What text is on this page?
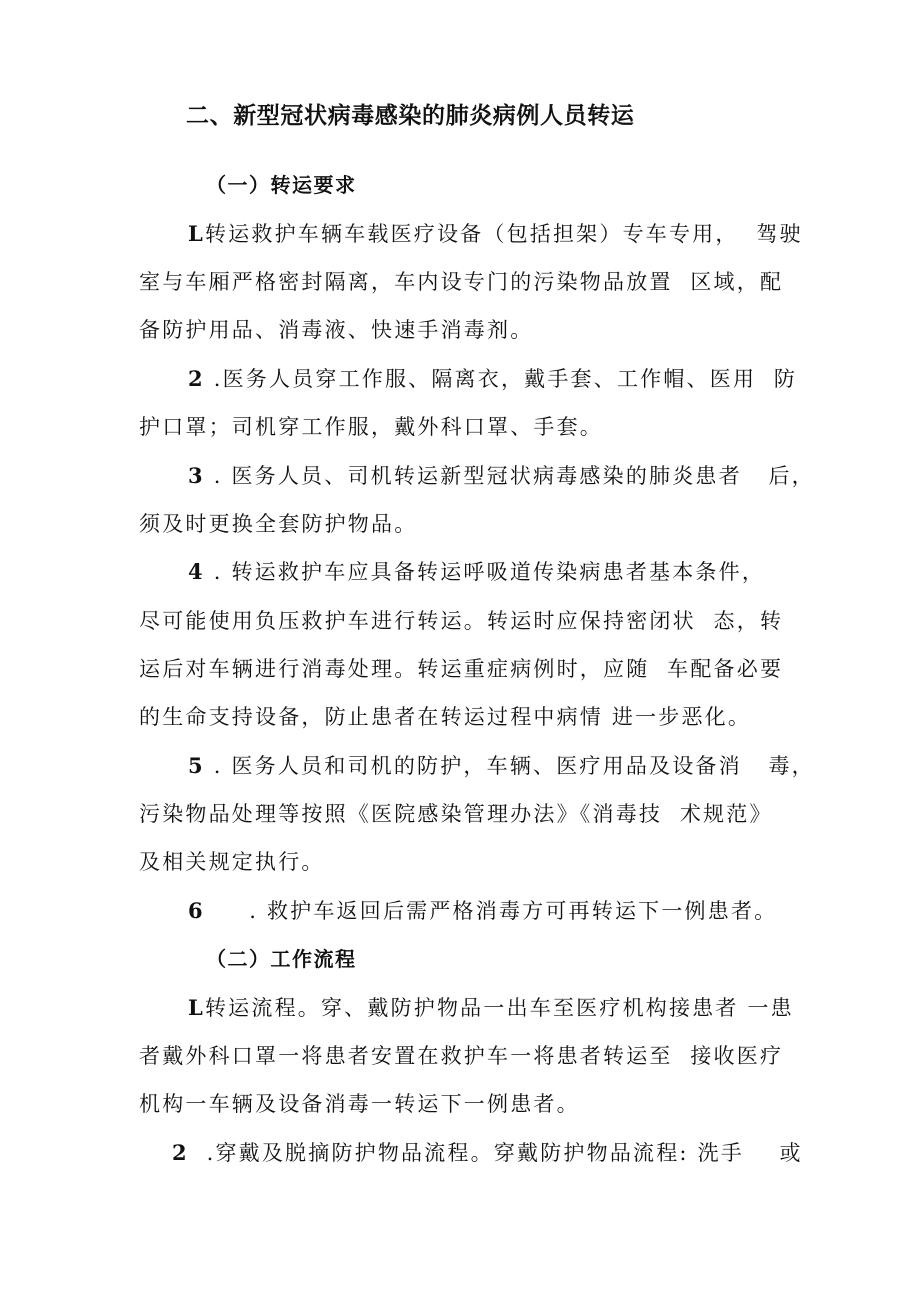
二、新型冠状病毒感染的肺炎病例人员转运
（一）转运要求
L转运救护车辆车载医疗设备（包括担架）专车专用，  驾驶
室与车厢严格密封隔离，车内设专门的污染物品放置  区域，配
备防护用品、消毒液、快速手消毒剂。
2 .医务人员穿工作服、隔离衣，戴手套、工作帽、医用  防
护口罩；司机穿工作服，戴外科口罩、手套。
3 . 医务人员、司机转运新型冠状病毒感染的肺炎患者   后，
须及时更换全套防护物品。
4 . 转运救护车应具备转运呼吸道传染病患者基本条件，
尽可能使用负压救护车进行转运。转运时应保持密闭状  态，转
运后对车辆进行消毒处理。转运重症病例时，应随  车配备必要
的生命支持设备，防止患者在转运过程中病情 进一步恶化。
5 . 医务人员和司机的防护，车辆、医疗用品及设备消   毒，
污染物品处理等按照《医院感染管理办法》《消毒技  术规范》
及相关规定执行。
6     . 救护车返回后需严格消毒方可再转运下一例患者。
（二）工作流程
L转运流程。穿、戴防护物品一出车至医疗机构接患者 一患
者戴外科口罩一将患者安置在救护车一将患者转运至  接收医疗
机构一车辆及设备消毒一转运下一例患者。
2  .穿戴及脱摘防护物品流程。穿戴防护物品流程: 洗手    或
